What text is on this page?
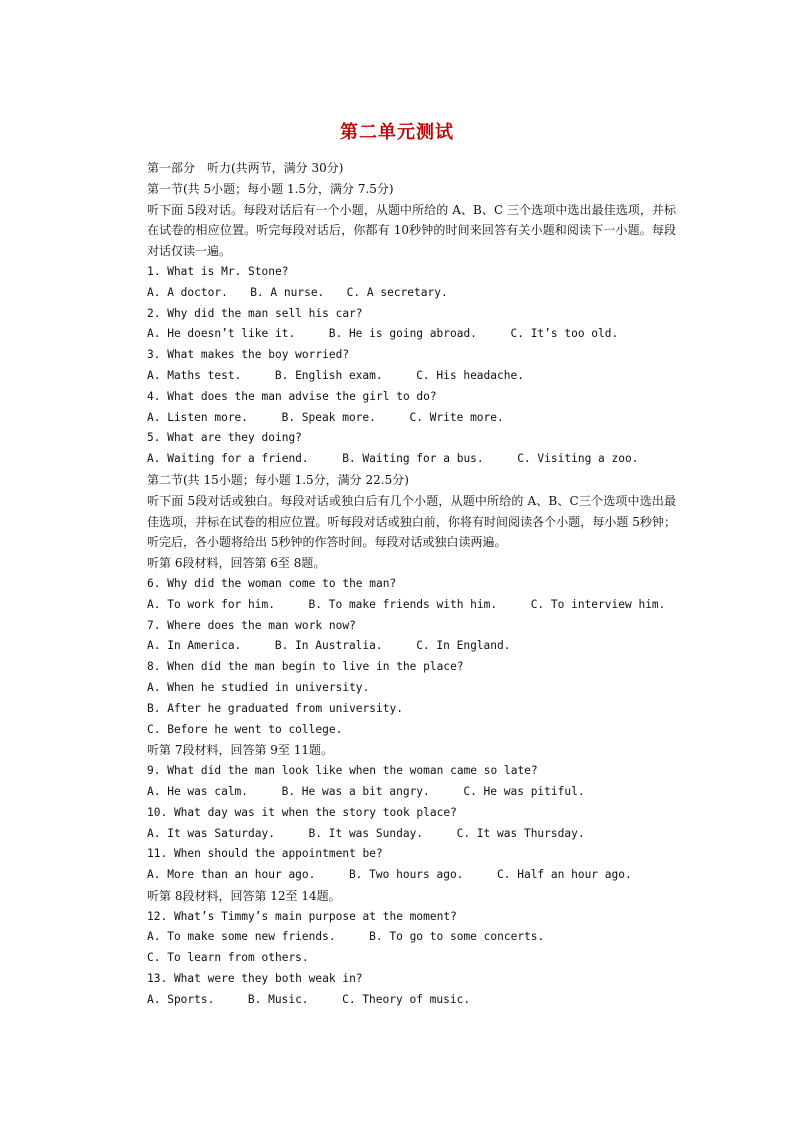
第二单元测试
第一部分　听力(共两节，满分 30分)
第一节(共 5小题；每小题 1.5分，满分 7.5分)
听下面 5段对话。每段对话后有一个小题，从题中所给的 A、B、C 三个选项中选出最佳选项，并标在试卷的相应位置。听完每段对话后，你都有 10秒钟的时间来回答有关小题和阅读下一小题。每段对话仅读一遍。
1. What is Mr. Stone?
A. A doctor.　　B. A nurse.　　C. A secretary.
2. Why did the man sell his car?
A. He doesn’t like it.　　　B. He is going abroad.　　　C. It’s too old.
3. What makes the boy worried?
A. Maths test.　　　B. English exam.　　　C. His headache.
4. What does the man advise the girl to do?
A. Listen more.　　　B. Speak more.　　　C. Write more.
5. What are they doing?
A. Waiting for a friend.　　　B. Waiting for a bus.　　　C. Visiting a zoo.
第二节(共 15小题；每小题 1.5分，满分 22.5分)
听下面 5段对话或独白。每段对话或独白后有几个小题，从题中所给的 A、B、C三个选项中选出最佳选项，并标在试卷的相应位置。听每段对话或独白前，你将有时间阅读各个小题，每小题 5秒钟；听完后，各小题将给出 5秒钟的作答时间。每段对话或独白读两遍。
听第 6段材料，回答第 6至 8题。
6. Why did the woman come to the man?
A. To work for him.　　　B. To make friends with him.　　　C. To interview him.
7. Where does the man work now?
A. In America.　　　B. In Australia.　　　C. In England.
8. When did the man begin to live in the place?
A. When he studied in university.
B. After he graduated from university.
C. Before he went to college.
听第 7段材料，回答第 9至 11题。
9. What did the man look like when the woman came so late?
A. He was calm.　　　B. He was a bit angry.　　　C. He was pitiful.
10. What day was it when the story took place?
A. It was Saturday.　　　B. It was Sunday.　　　C. It was Thursday.
11. When should the appointment be?
A. More than an hour ago.　　　B. Two hours ago.　　　C. Half an hour ago.
听第 8段材料，回答第 12至 14题。
12. What’s Timmy’s main purpose at the moment?
A. To make some new friends.　　　B. To go to some concerts.
C. To learn from others.
13. What were they both weak in?
A. Sports.　　　B. Music.　　　C. Theory of music.
